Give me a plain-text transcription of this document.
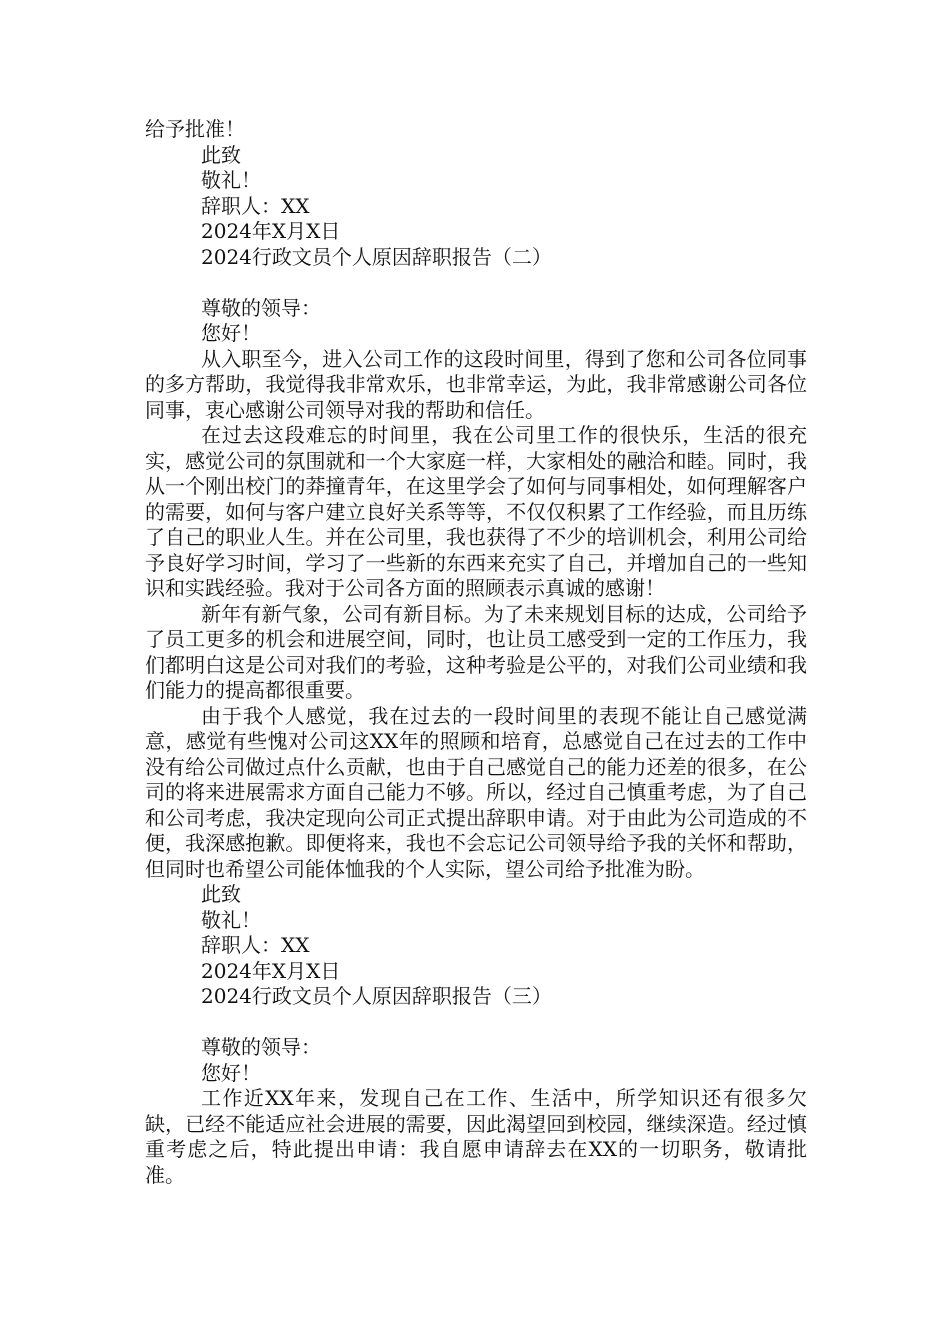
给予批准！

此致

敬礼！

辞职人：XX

2024年X月X日

2024行政文员个人原因辞职报告（二）

尊敬的领导：

您好！

从入职至今，进入公司工作的这段时间里，得到了您和公司各位同事的多方帮助，我觉得我非常欢乐，也非常幸运，为此，我非常感谢公司各位同事，衷心感谢公司领导对我的帮助和信任。

在过去这段难忘的时间里，我在公司里工作的很快乐，生活的很充实，感觉公司的氛围就和一个大家庭一样，大家相处的融洽和睦。同时，我从一个刚出校门的莽撞青年，在这里学会了如何与同事相处，如何理解客户的需要，如何与客户建立良好关系等等，不仅仅积累了工作经验，而且历练了自己的职业人生。并在公司里，我也获得了不少的培训机会，利用公司给予良好学习时间，学习了一些新的东西来充实了自己，并增加自己的一些知识和实践经验。我对于公司各方面的照顾表示真诚的感谢！

新年有新气象，公司有新目标。为了未来规划目标的达成，公司给予了员工更多的机会和进展空间，同时，也让员工感受到一定的工作压力，我们都明白这是公司对我们的考验，这种考验是公平的，对我们公司业绩和我们能力的提高都很重要。

由于我个人感觉，我在过去的一段时间里的表现不能让自己感觉满意，感觉有些愧对公司这XX年的照顾和培育，总感觉自己在过去的工作中没有给公司做过点什么贡献，也由于自己感觉自己的能力还差的很多，在公司的将来进展需求方面自己能力不够。所以，经过自己慎重考虑，为了自己和公司考虑，我决定现向公司正式提出辞职申请。对于由此为公司造成的不便，我深感抱歉。即便将来，我也不会忘记公司领导给予我的关怀和帮助，但同时也希望公司能体恤我的个人实际，望公司给予批准为盼。

此致

敬礼！

辞职人：XX

2024年X月X日

2024行政文员个人原因辞职报告（三）

尊敬的领导：

您好！

工作近XX年来，发现自己在工作、生活中，所学知识还有很多欠缺，已经不能适应社会进展的需要，因此渴望回到校园，继续深造。经过慎重考虑之后，特此提出申请：我自愿申请辞去在XX的一切职务，敬请批准。
